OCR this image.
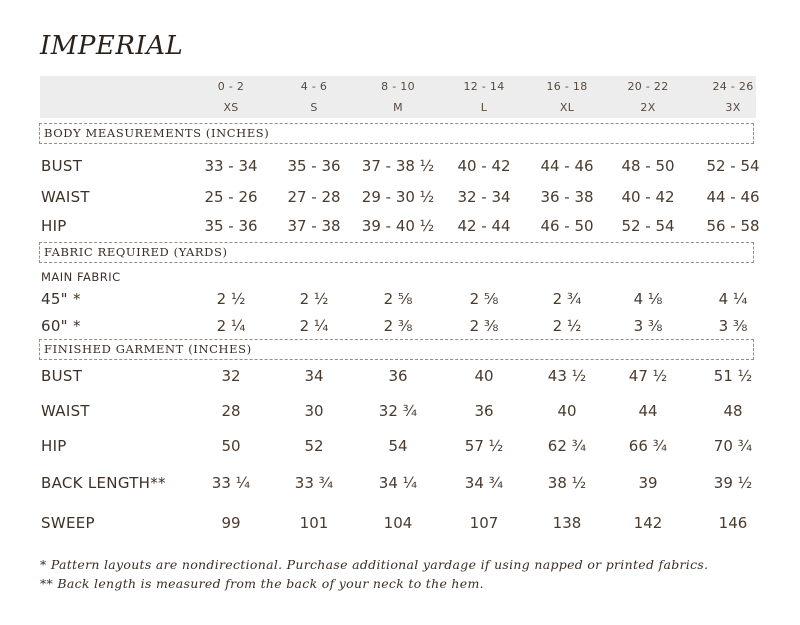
IMPERIAL
BODY MEASUREMENTS (INCHES)
FABRIC REQUIRED (YARDS)
MAIN FABRIC
FINISHED GARMENT (INCHES)
0 - 2	4 - 6	8 - 10	12 - 14	16 - 18	20 - 22	24 - 26
XS	S	M	L	XL	2X	3X
BUST	33 - 34	35 - 36	37 - 38 ½	40 - 42	44 - 46	48 - 50	52 - 54
WAIST	25 - 26	27 - 28	29 - 30 ½	32 - 34	36 - 38	40 - 42	44 - 46
HIP	35 - 36	37 - 38	39 - 40 ½	42 - 44	46 - 50	52 - 54	56 - 58
45" *	2 ½	2 ½	2 ⅝	2 ⅝	2 ¾	4 ⅛	4 ¼
60" *	2 ¼	2 ¼	2 ⅜	2 ⅜	2 ½	3 ⅜	3 ⅜
BUST	32	34	36	40	43 ½	47 ½	51 ½
WAIST	28	30	32 ¾	36	40	44	48
HIP	50	52	54	57 ½	62 ¾	66 ¾	70 ¾
BACK LENGTH**	33 ¼	33 ¾	34 ¼	34 ¾	38 ½	39	39 ½
SWEEP	99	101	104	107	138	142	146
* Pattern layouts are nondirectional. Purchase additional yardage if using napped or printed fabrics.
** Back length is measured from the back of your neck to the hem.
